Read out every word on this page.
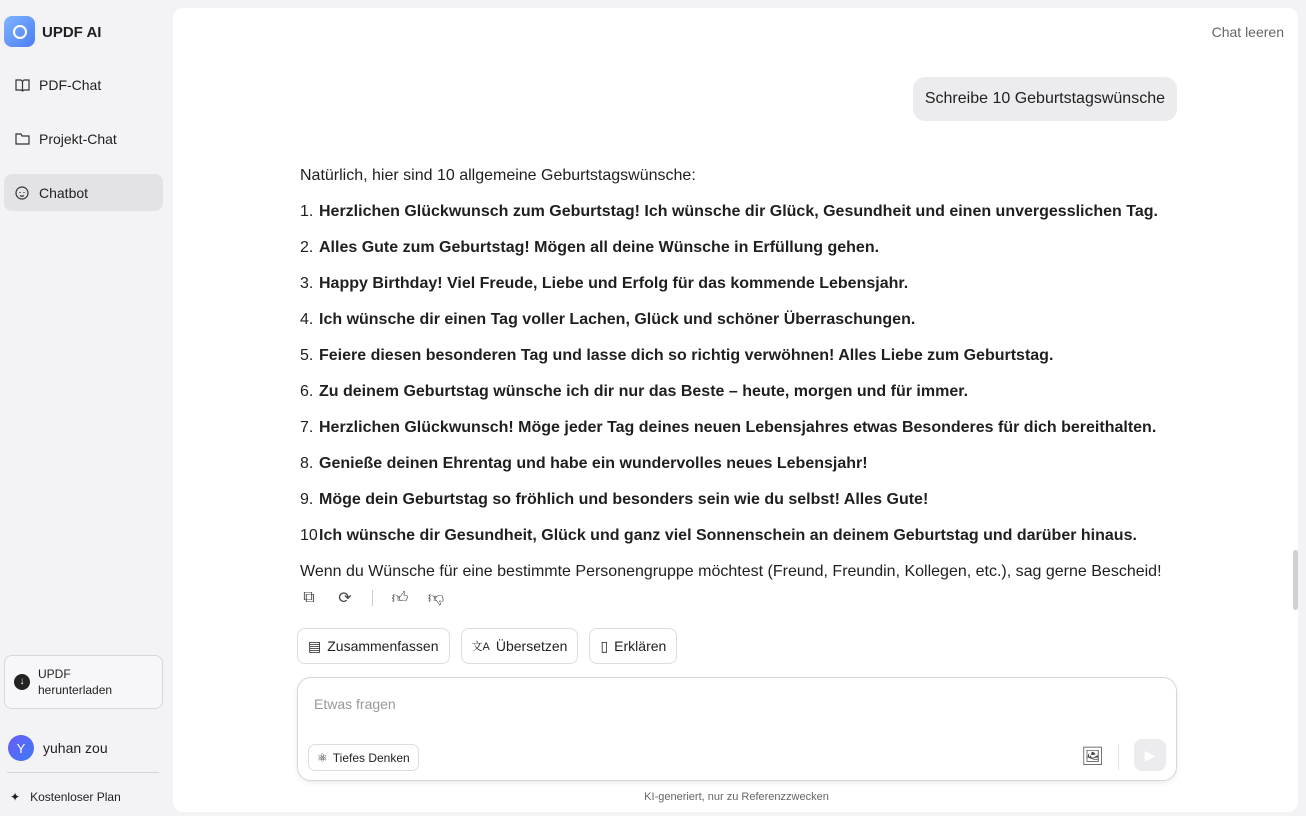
UPDF AI
PDF-Chat
Projekt-Chat
Chatbot
↓
UPDF
herunterladen
Y	yuhan zou
✦ Kostenloser Plan
Chat leeren
Schreibe 10 Geburtstagswünsche
Natürlich, hier sind 10 allgemeine Geburtstagswünsche:
1. Herzlichen Glückwunsch zum Geburtstag! Ich wünsche dir Glück, Gesundheit und einen unvergesslichen Tag.
2. Alles Gute zum Geburtstag! Mögen all deine Wünsche in Erfüllung gehen.
3. Happy Birthday! Viel Freude, Liebe und Erfolg für das kommende Lebensjahr.
4. Ich wünsche dir einen Tag voller Lachen, Glück und schöner Überraschungen.
5. Feiere diesen besonderen Tag und lasse dich so richtig verwöhnen! Alles Liebe zum Geburtstag.
6. Zu deinem Geburtstag wünsche ich dir nur das Beste – heute, morgen und für immer.
7. Herzlichen Glückwunsch! Möge jeder Tag deines neuen Lebensjahres etwas Besonderes für dich bereithalten.
8. Genieße deinen Ehrentag und habe ein wundervolles neues Lebensjahr!
9. Möge dein Geburtstag so fröhlich und besonders sein wie du selbst! Alles Gute!
10Ich wünsche dir Gesundheit, Glück und ganz viel Sonnenschein an deinem Geburtstag und darüber hinaus.
Wenn du Wünsche für eine bestimmte Personengruppe möchtest (Freund, Freundin, Kollegen, etc.), sag gerne Bescheid!
⧉ ⟳ 👍︎ 👎︎
▤ Zusammenfassen	文A Übersetzen ▯ Erklären
Etwas fragen
⚛ Tiefes Denken	🖼︎	▶
KI-generiert, nur zu Referenzzwecken
